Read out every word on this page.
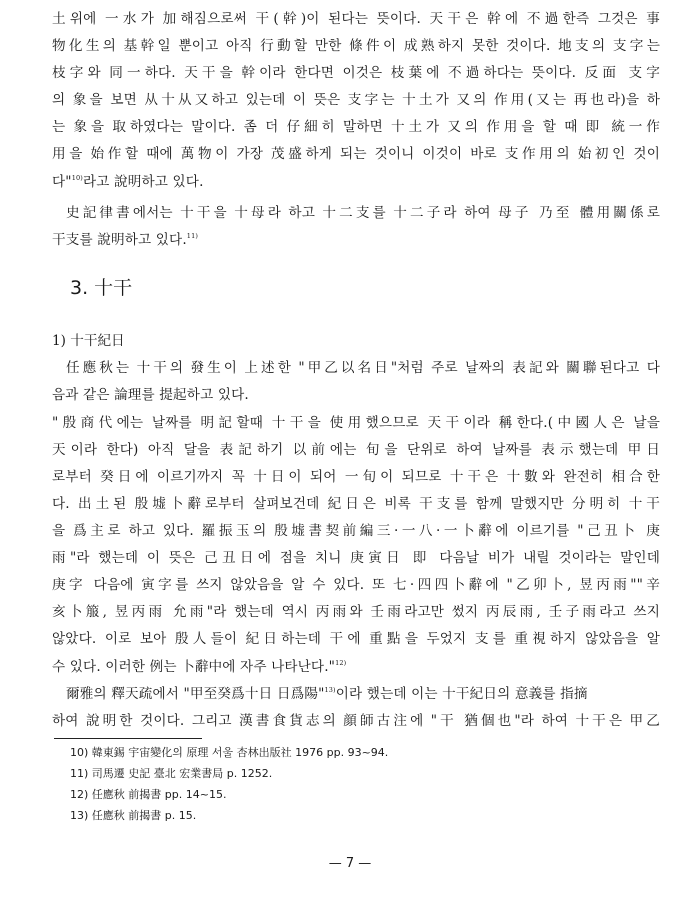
土위에 一水가 加해짐으로써 干(幹)이 된다는 뜻이다. 天干은 幹에 不過한즉 그것은 事
物化生의 基幹일 뿐이고 아직 行動할 만한 條件이 成熟하지 못한 것이다. 地支의 支字는
枝字와 同一하다. 天干을 幹이라 한다면 이것은 枝葉에 不過하다는 뜻이다. 反面 支字
의 象을 보면 从十从又하고 있는데 이 뜻은 支字는 十土가 又의 作用(又는 再也라)을 하
는 象을 取하였다는 말이다. 좀 더 仔細히 말하면 十土가 又의 作用을 할 때 即 統一作
用을 始作할 때에 萬物이 가장 茂盛하게 되는 것이니 이것이 바로 支作用의 始初인 것이
다"$^{10)}$라고 說明하고 있다.
史記律書에서는 十干을 十母라 하고 十二支를 十二子라 하여 母子 乃至 體用關係로
干支를 說明하고 있다.$^{11)}$
3. 十干
1) 十干紀日
任應秋는 十干의 發生이 上述한 "甲乙以名日"처럼 주로 날짜의 表記와 關聯된다고 다
음과 같은 論理를 提起하고 있다.
"殷商代에는 날짜를 明記할때 十干을 使用했으므로 天干이라 稱한다.(中國人은 날을
天이라 한다) 아직 달을 表記하기 以前에는 旬을 단위로 하여 날짜를 表示했는데 甲日
로부터 癸日에 이르기까지 꼭 十日이 되어 一旬이 되므로 十干은 十數와 완전히 相合한
다. 出土된 殷墟卜辭로부터 살펴보건데 紀日은 비록 干支를 함께 말했지만 分明히 十干
을 爲主로 하고 있다. 羅振玉의 殷墟書契前編三·一八·一卜辭에 이르기를 "己丑卜 庚
雨"라 했는데 이 뜻은 己丑日에 점을 치니 庚寅日 即 다음날 비가 내릴 것이라는 말인데
庚字 다음에 寅字를 쓰지 않았음을 알 수 있다. 또 七·四四卜辭에 "乙卯卜, 昱丙雨""辛
亥卜箙, 昱丙雨 允雨"라 했는데 역시 丙雨와 壬雨라고만 썼지 丙辰雨, 壬子雨라고 쓰지
않았다. 이로 보아 殷人들이 紀日하는데 干에 重點을 두었지 支를 重視하지 않았음을 알
수 있다. 이러한 例는 卜辭中에 자주 나타난다."$^{12)}$
爾雅의 釋天疏에서 "甲至癸爲十日 日爲陽"$^{13)}$이라 했는데 이는 十干紀日의 意義를 指摘
하여 說明한 것이다. 그리고 漢書食貨志의 顔師古注에 "干 猶個也"라 하여 十干은 甲乙
10) 韓東錫 宇宙變化의 原理 서울 杏林出版社 1976 pp. 93~94.
11) 司馬遷 史記 臺北 宏業書局 p. 1252.
12) 任應秋 前揭書 pp. 14~15.
13) 任應秋 前揭書 p. 15.
— 7 —
